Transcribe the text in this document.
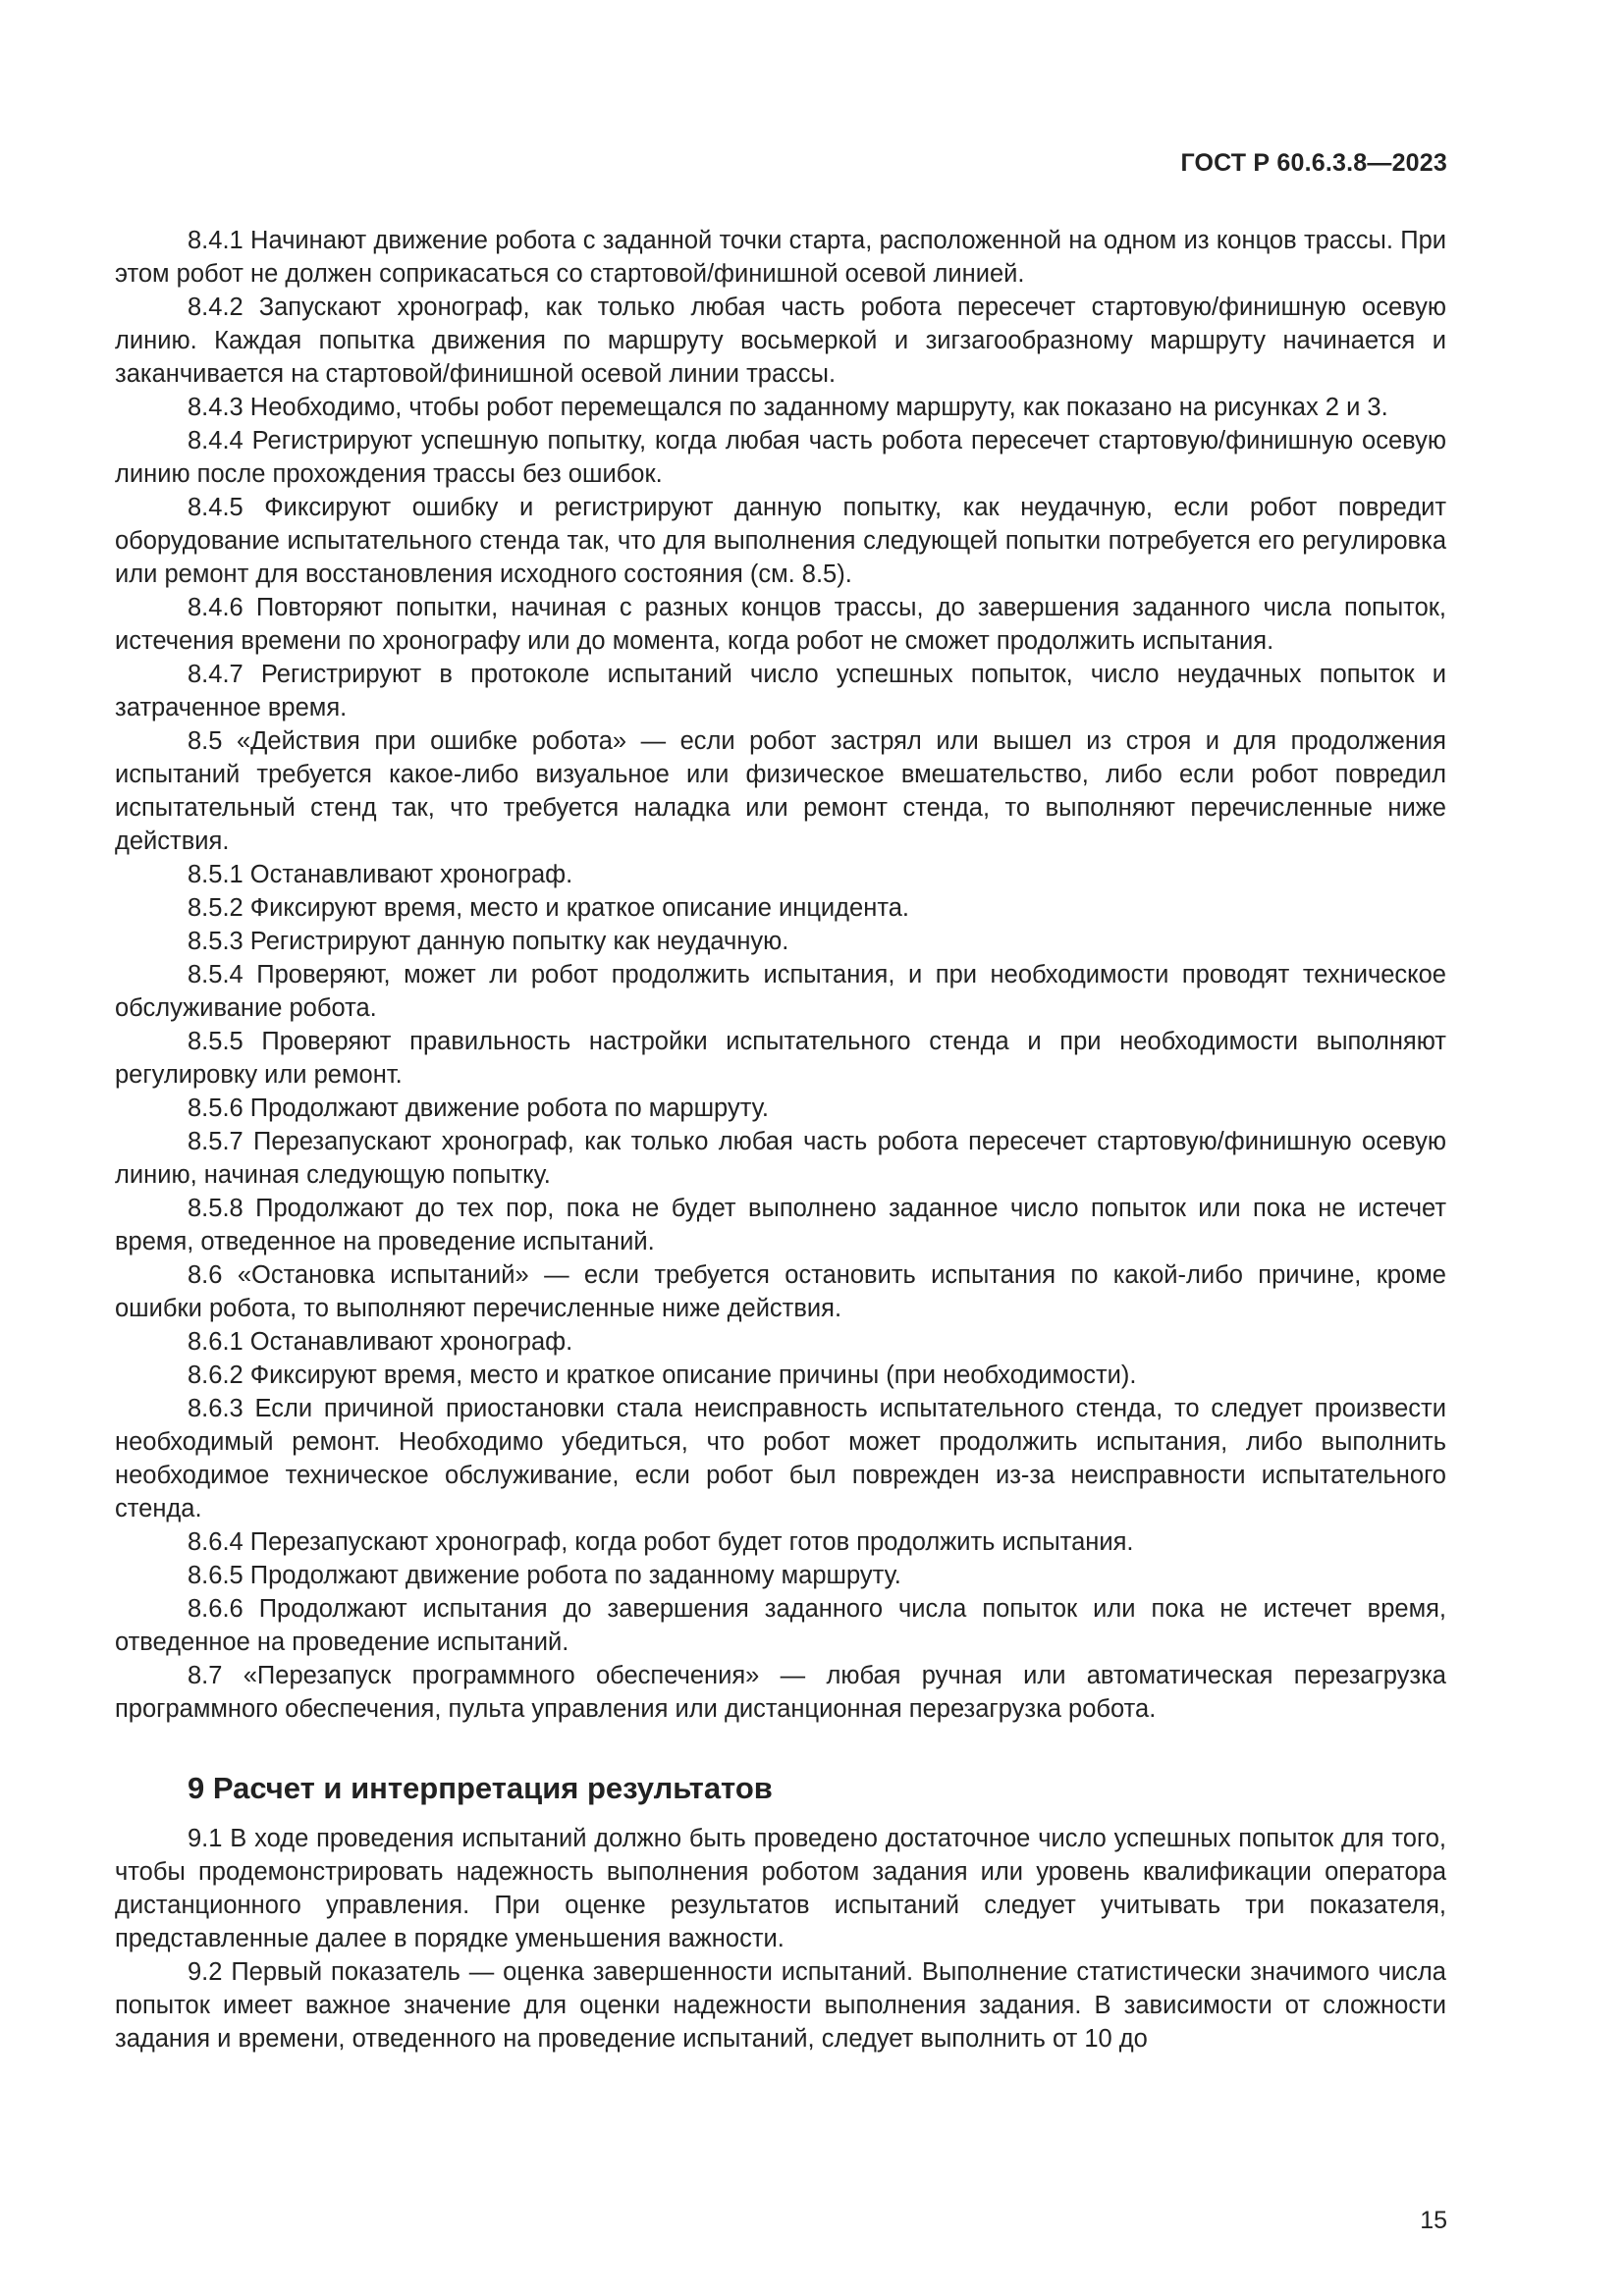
ГОСТ Р 60.6.3.8—2023

8.4.1 Начинают движение робота с заданной точки старта, расположенной на одном из концов трассы. При этом робот не должен соприкасаться со стартовой/финишной осевой линией.

8.4.2 Запускают хронограф, как только любая часть робота пересечет стартовую/финишную осевую линию. Каждая попытка движения по маршруту восьмеркой и зигзагообразному маршруту начинается и заканчивается на стартовой/финишной осевой линии трассы.

8.4.3 Необходимо, чтобы робот перемещался по заданному маршруту, как показано на рисунках 2 и 3.

8.4.4 Регистрируют успешную попытку, когда любая часть робота пересечет стартовую/финишную осевую линию после прохождения трассы без ошибок.

8.4.5 Фиксируют ошибку и регистрируют данную попытку, как неудачную, если робот повредит оборудование испытательного стенда так, что для выполнения следующей попытки потребуется его регулировка или ремонт для восстановления исходного состояния (см. 8.5).

8.4.6 Повторяют попытки, начиная с разных концов трассы, до завершения заданного числа попыток, истечения времени по хронографу или до момента, когда робот не сможет продолжить испытания.

8.4.7 Регистрируют в протоколе испытаний число успешных попыток, число неудачных попыток и затраченное время.

8.5 «Действия при ошибке робота» — если робот застрял или вышел из строя и для продолжения испытаний требуется какое-либо визуальное или физическое вмешательство, либо если робот повредил испытательный стенд так, что требуется наладка или ремонт стенда, то выполняют перечисленные ниже действия.

8.5.1 Останавливают хронограф.

8.5.2 Фиксируют время, место и краткое описание инцидента.

8.5.3 Регистрируют данную попытку как неудачную.

8.5.4 Проверяют, может ли робот продолжить испытания, и при необходимости проводят техническое обслуживание робота.

8.5.5 Проверяют правильность настройки испытательного стенда и при необходимости выполняют регулировку или ремонт.

8.5.6 Продолжают движение робота по маршруту.

8.5.7 Перезапускают хронограф, как только любая часть робота пересечет стартовую/финишную осевую линию, начиная следующую попытку.

8.5.8 Продолжают до тех пор, пока не будет выполнено заданное число попыток или пока не истечет время, отведенное на проведение испытаний.

8.6 «Остановка испытаний» — если требуется остановить испытания по какой-либо причине, кроме ошибки робота, то выполняют перечисленные ниже действия.

8.6.1 Останавливают хронограф.

8.6.2 Фиксируют время, место и краткое описание причины (при необходимости).

8.6.3 Если причиной приостановки стала неисправность испытательного стенда, то следует произвести необходимый ремонт. Необходимо убедиться, что робот может продолжить испытания, либо выполнить необходимое техническое обслуживание, если робот был поврежден из-за неисправности испытательного стенда.

8.6.4 Перезапускают хронограф, когда робот будет готов продолжить испытания.

8.6.5 Продолжают движение робота по заданному маршруту.

8.6.6 Продолжают испытания до завершения заданного числа попыток или пока не истечет время, отведенное на проведение испытаний.

8.7 «Перезапуск программного обеспечения» — любая ручная или автоматическая перезагрузка программного обеспечения, пульта управления или дистанционная перезагрузка робота.

9 Расчет и интерпретация результатов

9.1 В ходе проведения испытаний должно быть проведено достаточное число успешных попыток для того, чтобы продемонстрировать надежность выполнения роботом задания или уровень квалификации оператора дистанционного управления. При оценке результатов испытаний следует учитывать три показателя, представленные далее в порядке уменьшения важности.

9.2 Первый показатель — оценка завершенности испытаний. Выполнение статистически значимого числа попыток имеет важное значение для оценки надежности выполнения задания. В зависимости от сложности задания и времени, отведенного на проведение испытаний, следует выполнить от 10 до

15
